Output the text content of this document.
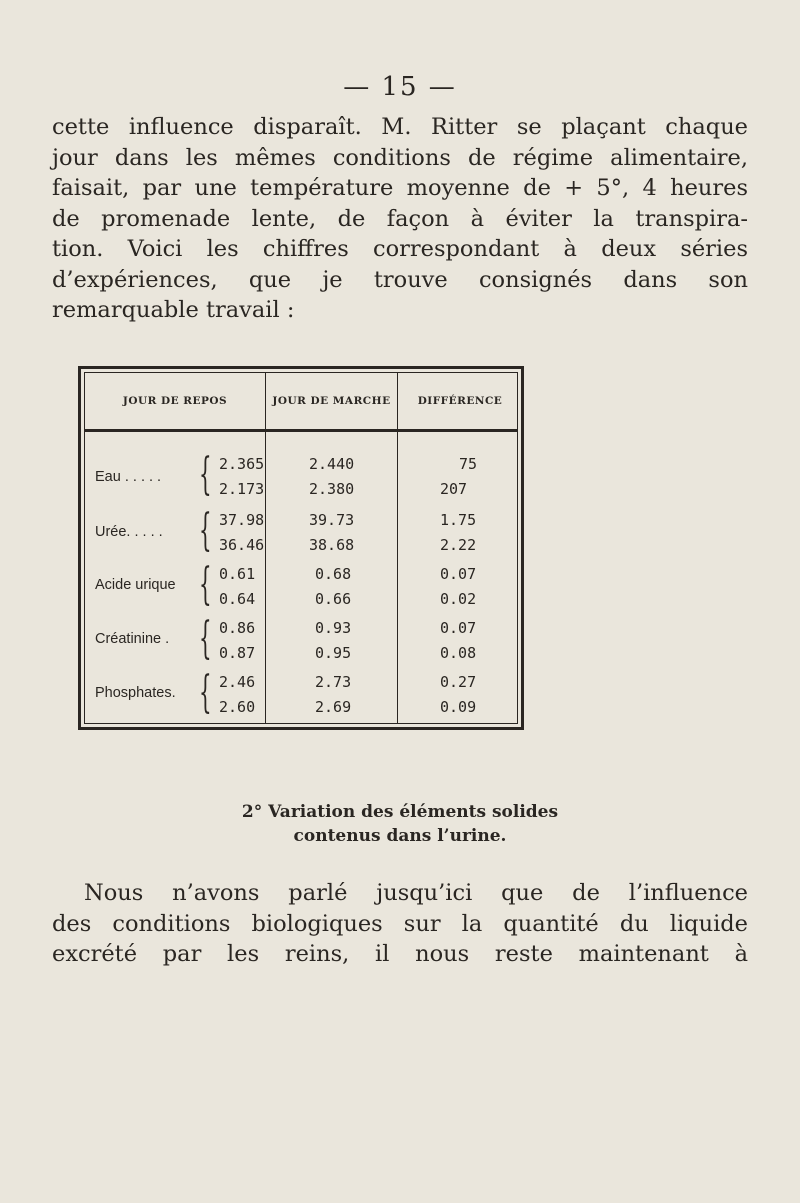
— 15 —
cette influence disparaît. M. Ritter se plaçant chaque
jour dans les mêmes conditions de régime alimentaire,
faisait, par une température moyenne de + 5°, 4 heures
de promenade lente, de façon à éviter la transpira-
tion. Voici les chiffres correspondant à deux séries
d’expériences, que je trouve consignés dans son
remarquable travail :
JOUR DE REPOS	JOUR DE MARCHE	DIFFÉRENCE
Eau . . . . . { 2.365
2.173
2.440
2.380
75
207
Urée. . . . . { 37.98
36.46
39.73
38.68
1.75
2.22
Acide urique { 0.61
0.64
0.68
0.66
0.07
0.02
Créatinine . { 0.86
0.87
0.93
0.95
0.07
0.08
Phosphates. { 2.46
2.60
2.73
2.69
0.27
0.09
2° Variation des éléments solides
contenus dans l’urine.
Nous n’avons parlé jusqu’ici que de l’influence
des conditions biologiques sur la quantité du liquide
excrété par les reins, il nous reste maintenant à
